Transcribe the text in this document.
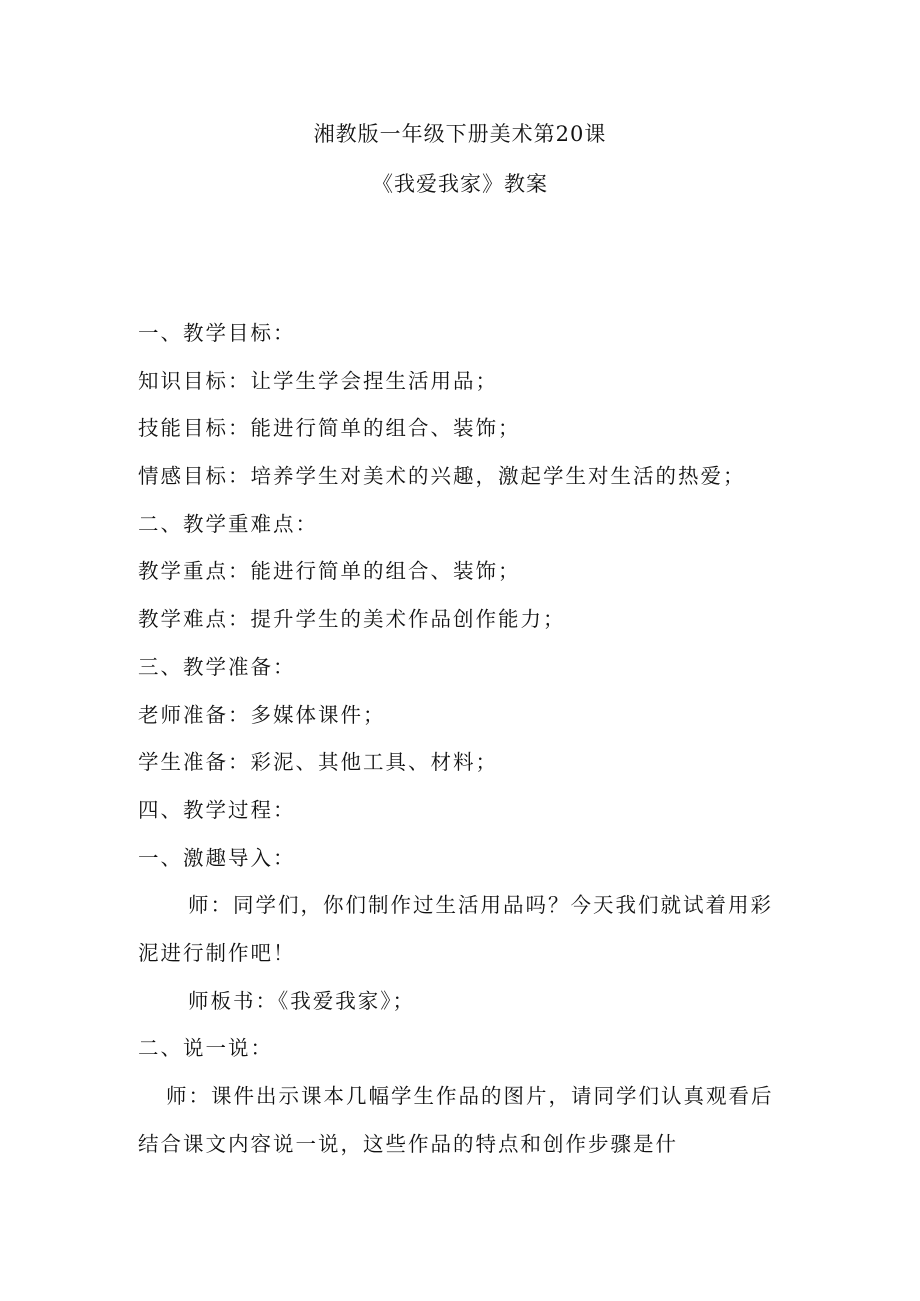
湘教版一年级下册美术第20课
《我爱我家》教案
一、教学目标：
知识目标：让学生学会捏生活用品；
技能目标：能进行简单的组合、装饰；
情感目标：培养学生对美术的兴趣，激起学生对生活的热爱；
二、教学重难点：
教学重点：能进行简单的组合、装饰；
教学难点：提升学生的美术作品创作能力；
三、教学准备：
老师准备：多媒体课件；
学生准备：彩泥、其他工具、材料；
四、教学过程：
一、激趣导入：
师：同学们，你们制作过生活用品吗？今天我们就试着用彩
泥进行制作吧！
师板书：《我爱我家》；
二、说一说：
师：课件出示课本几幅学生作品的图片，请同学们认真观看后
结合课文内容说一说，这些作品的特点和创作步骤是什
